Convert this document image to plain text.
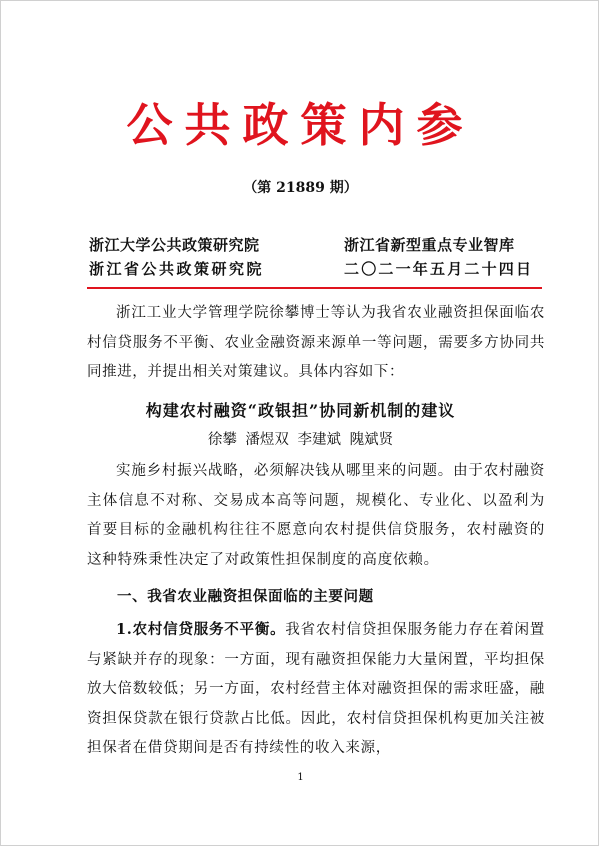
公共政策内参
（第 21889 期）
浙江大学公共政策研究院
浙江省公共政策研究院
浙江省新型重点专业智库
二〇二一年五月二十四日
浙江工业大学管理学院徐攀博士等认为我省农业融资担保面临农村信贷服务不平衡、农业金融资源来源单一等问题，需要多方协同共同推进，并提出相关对策建议。具体内容如下：
构建农村融资“政银担”协同新机制的建议
徐攀 潘煜双 李建斌 隗斌贤
实施乡村振兴战略，必须解决钱从哪里来的问题。由于农村融资主体信息不对称、交易成本高等问题，规模化、专业化、以盈利为首要目标的金融机构往往不愿意向农村提供信贷服务，农村融资的这种特殊秉性决定了对政策性担保制度的高度依赖。
一、我省农业融资担保面临的主要问题
1.农村信贷服务不平衡。我省农村信贷担保服务能力存在着闲置与紧缺并存的现象：一方面，现有融资担保能力大量闲置，平均担保放大倍数较低；另一方面，农村经营主体对融资担保的需求旺盛，融资担保贷款在银行贷款占比低。因此，农村信贷担保机构更加关注被担保者在借贷期间是否有持续性的收入来源，
1
